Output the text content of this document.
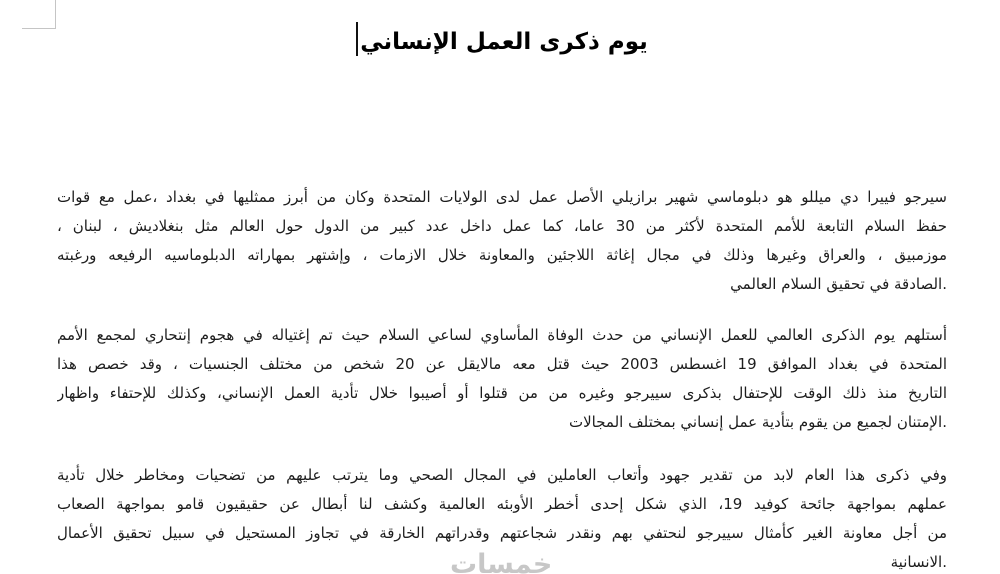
يوم ذكرى العمل الإنساني
سيرجو فييرا دي ميللو هو دبلوماسي شهير برازيلي الأصل عمل لدى الولايات المتحدة وكان من أبرز ممثليها في بغداد ،عمل مع قوات
حفظ السلام التابعة للأمم المتحدة لأكثر من 30 عاما، كما عمل داخل عدد كبير من الدول حول العالم مثل بنغلاديش ، لبنان ،
موزمبيق ، والعراق وغيرها وذلك في مجال إغاثة اللاجئين والمعاونة خلال الازمات ، وإشتهر بمهاراته الدبلوماسيه الرفيعه ورغبته
.الصادقة في تحقيق السلام العالمي
أستلهم يوم الذكرى العالمي للعمل الإنساني من حدث الوفاة المأساوي لساعي السلام حيث تم إغتياله في هجوم إنتحاري لمجمع الأمم
المتحدة في بغداد الموافق 19 اغسطس 2003 حيث قتل معه مالايقل عن 20 شخص من مختلف الجنسيات ، وقد خصص هذا
التاريخ منذ ذلك الوقت للإحتفال بذكرى سييرجو وغيره من من قتلوا أو أصيبوا خلال تأدية العمل الإنساني، وكذلك للإحتفاء واظهار
.الإمتنان لجميع من يقوم بتأدية عمل إنساني بمختلف المجالات
وفي ذكرى هذا العام لابد من تقدير جهود وأتعاب العاملين في المجال الصحي وما يترتب عليهم من تضحيات ومخاطر خلال تأدية
عملهم بمواجهة جائحة كوفيد 19، الذي شكل إحدى أخطر الأوبئه العالمية وكشف لنا أبطال عن حقيقيون قامو بمواجهة الصعاب
من أجل معاونة الغير كأمثال سييرجو لنحتفي بهم ونقدر شجاعتهم وقدراتهم الخارقة في تجاوز المستحيل في سبيل تحقيق الأعمال
.الانسانية
خمسات
